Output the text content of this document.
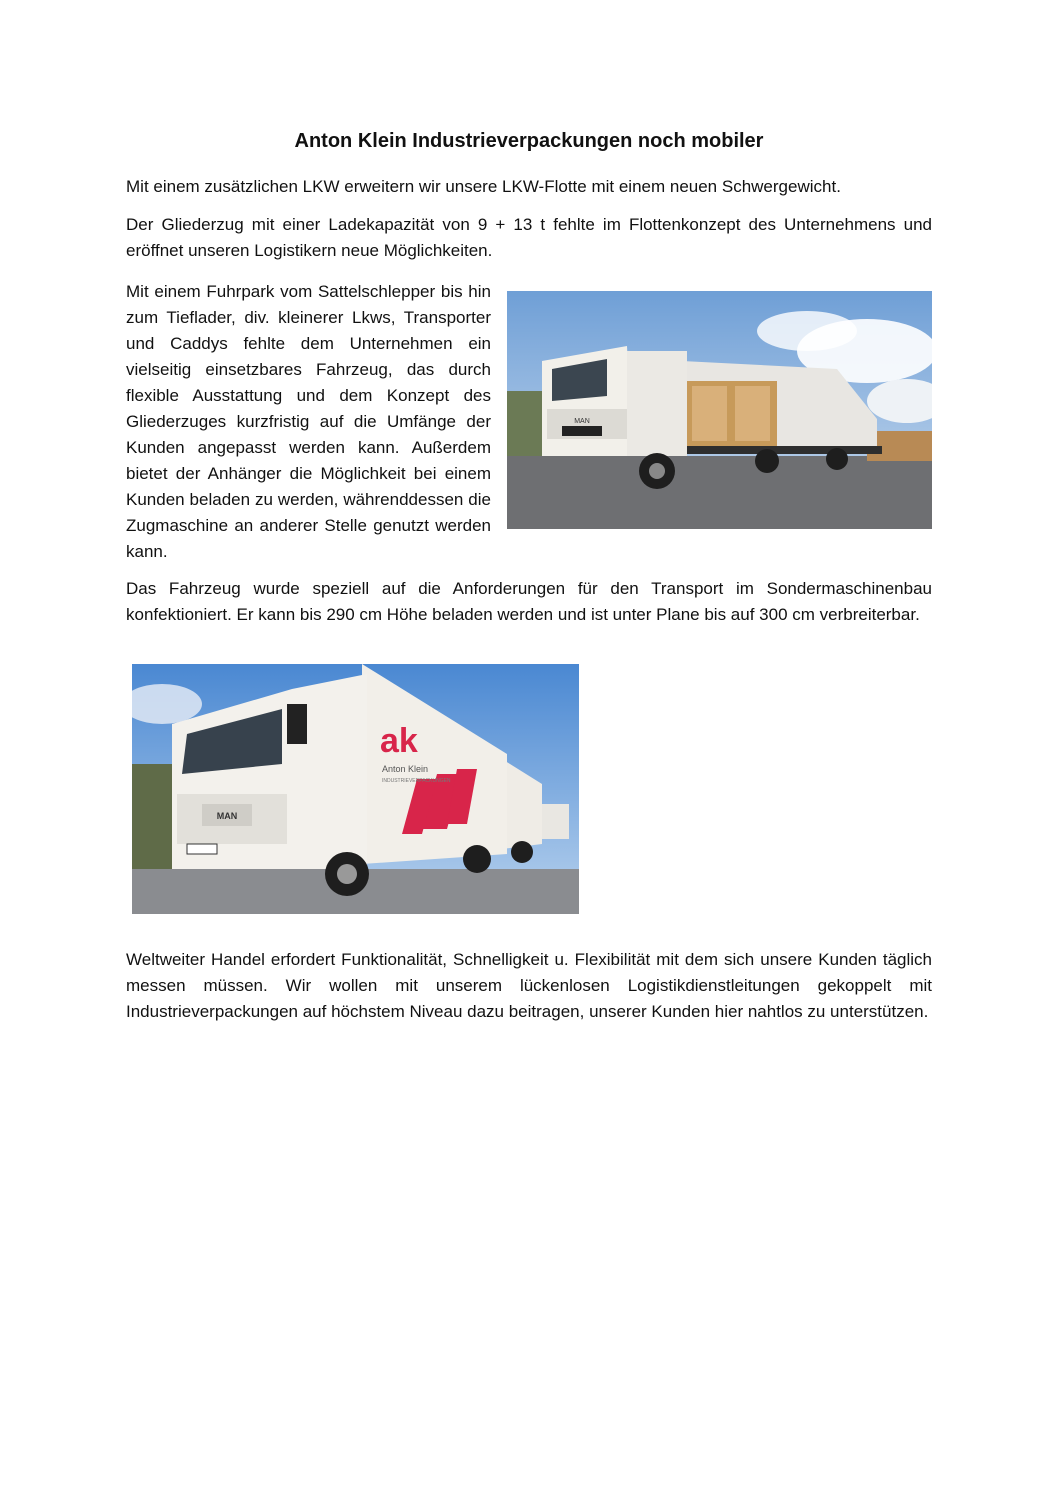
Anton Klein Industrieverpackungen noch mobiler

Mit einem zusätzlichen LKW erweitern wir unsere LKW-Flotte mit einem neuen Schwergewicht.

Der Gliederzug mit einer Ladekapazität von 9 + 13 t fehlte im Flottenkonzept des Unternehmens und eröffnet unseren Logistikern neue Möglichkeiten.

MAN
Mit einem Fuhrpark vom Sattelschlepper bis hin zum Tieflader, div. kleinerer Lkws, Transporter und Caddys fehlte dem Unternehmen ein vielseitig einsetzbares Fahrzeug, das durch flexible Ausstattung und dem Konzept des Gliederzuges kurzfristig auf die Umfänge der Kunden angepasst werden kann. Außerdem bietet der Anhänger die Möglichkeit bei einem Kunden beladen zu werden, währenddessen die Zugmaschine an anderer Stelle genutzt werden kann.

Das Fahrzeug wurde speziell auf die Anforderungen für den Transport im Sondermaschinenbau konfektioniert. Er kann bis 290 cm Höhe beladen werden und ist unter Plane bis auf 300 cm verbreiterbar.

ak
Anton Klein
INDUSTRIEVERPACKUNGEN
MAN

Weltweiter Handel erfordert Funktionalität, Schnelligkeit u. Flexibilität mit dem sich unsere Kunden täglich messen müssen. Wir wollen mit unserem lückenlosen Logistikdienstleitungen gekoppelt mit Industrieverpackungen auf höchstem Niveau dazu beitragen, unserer Kunden hier nahtlos zu unterstützen.
